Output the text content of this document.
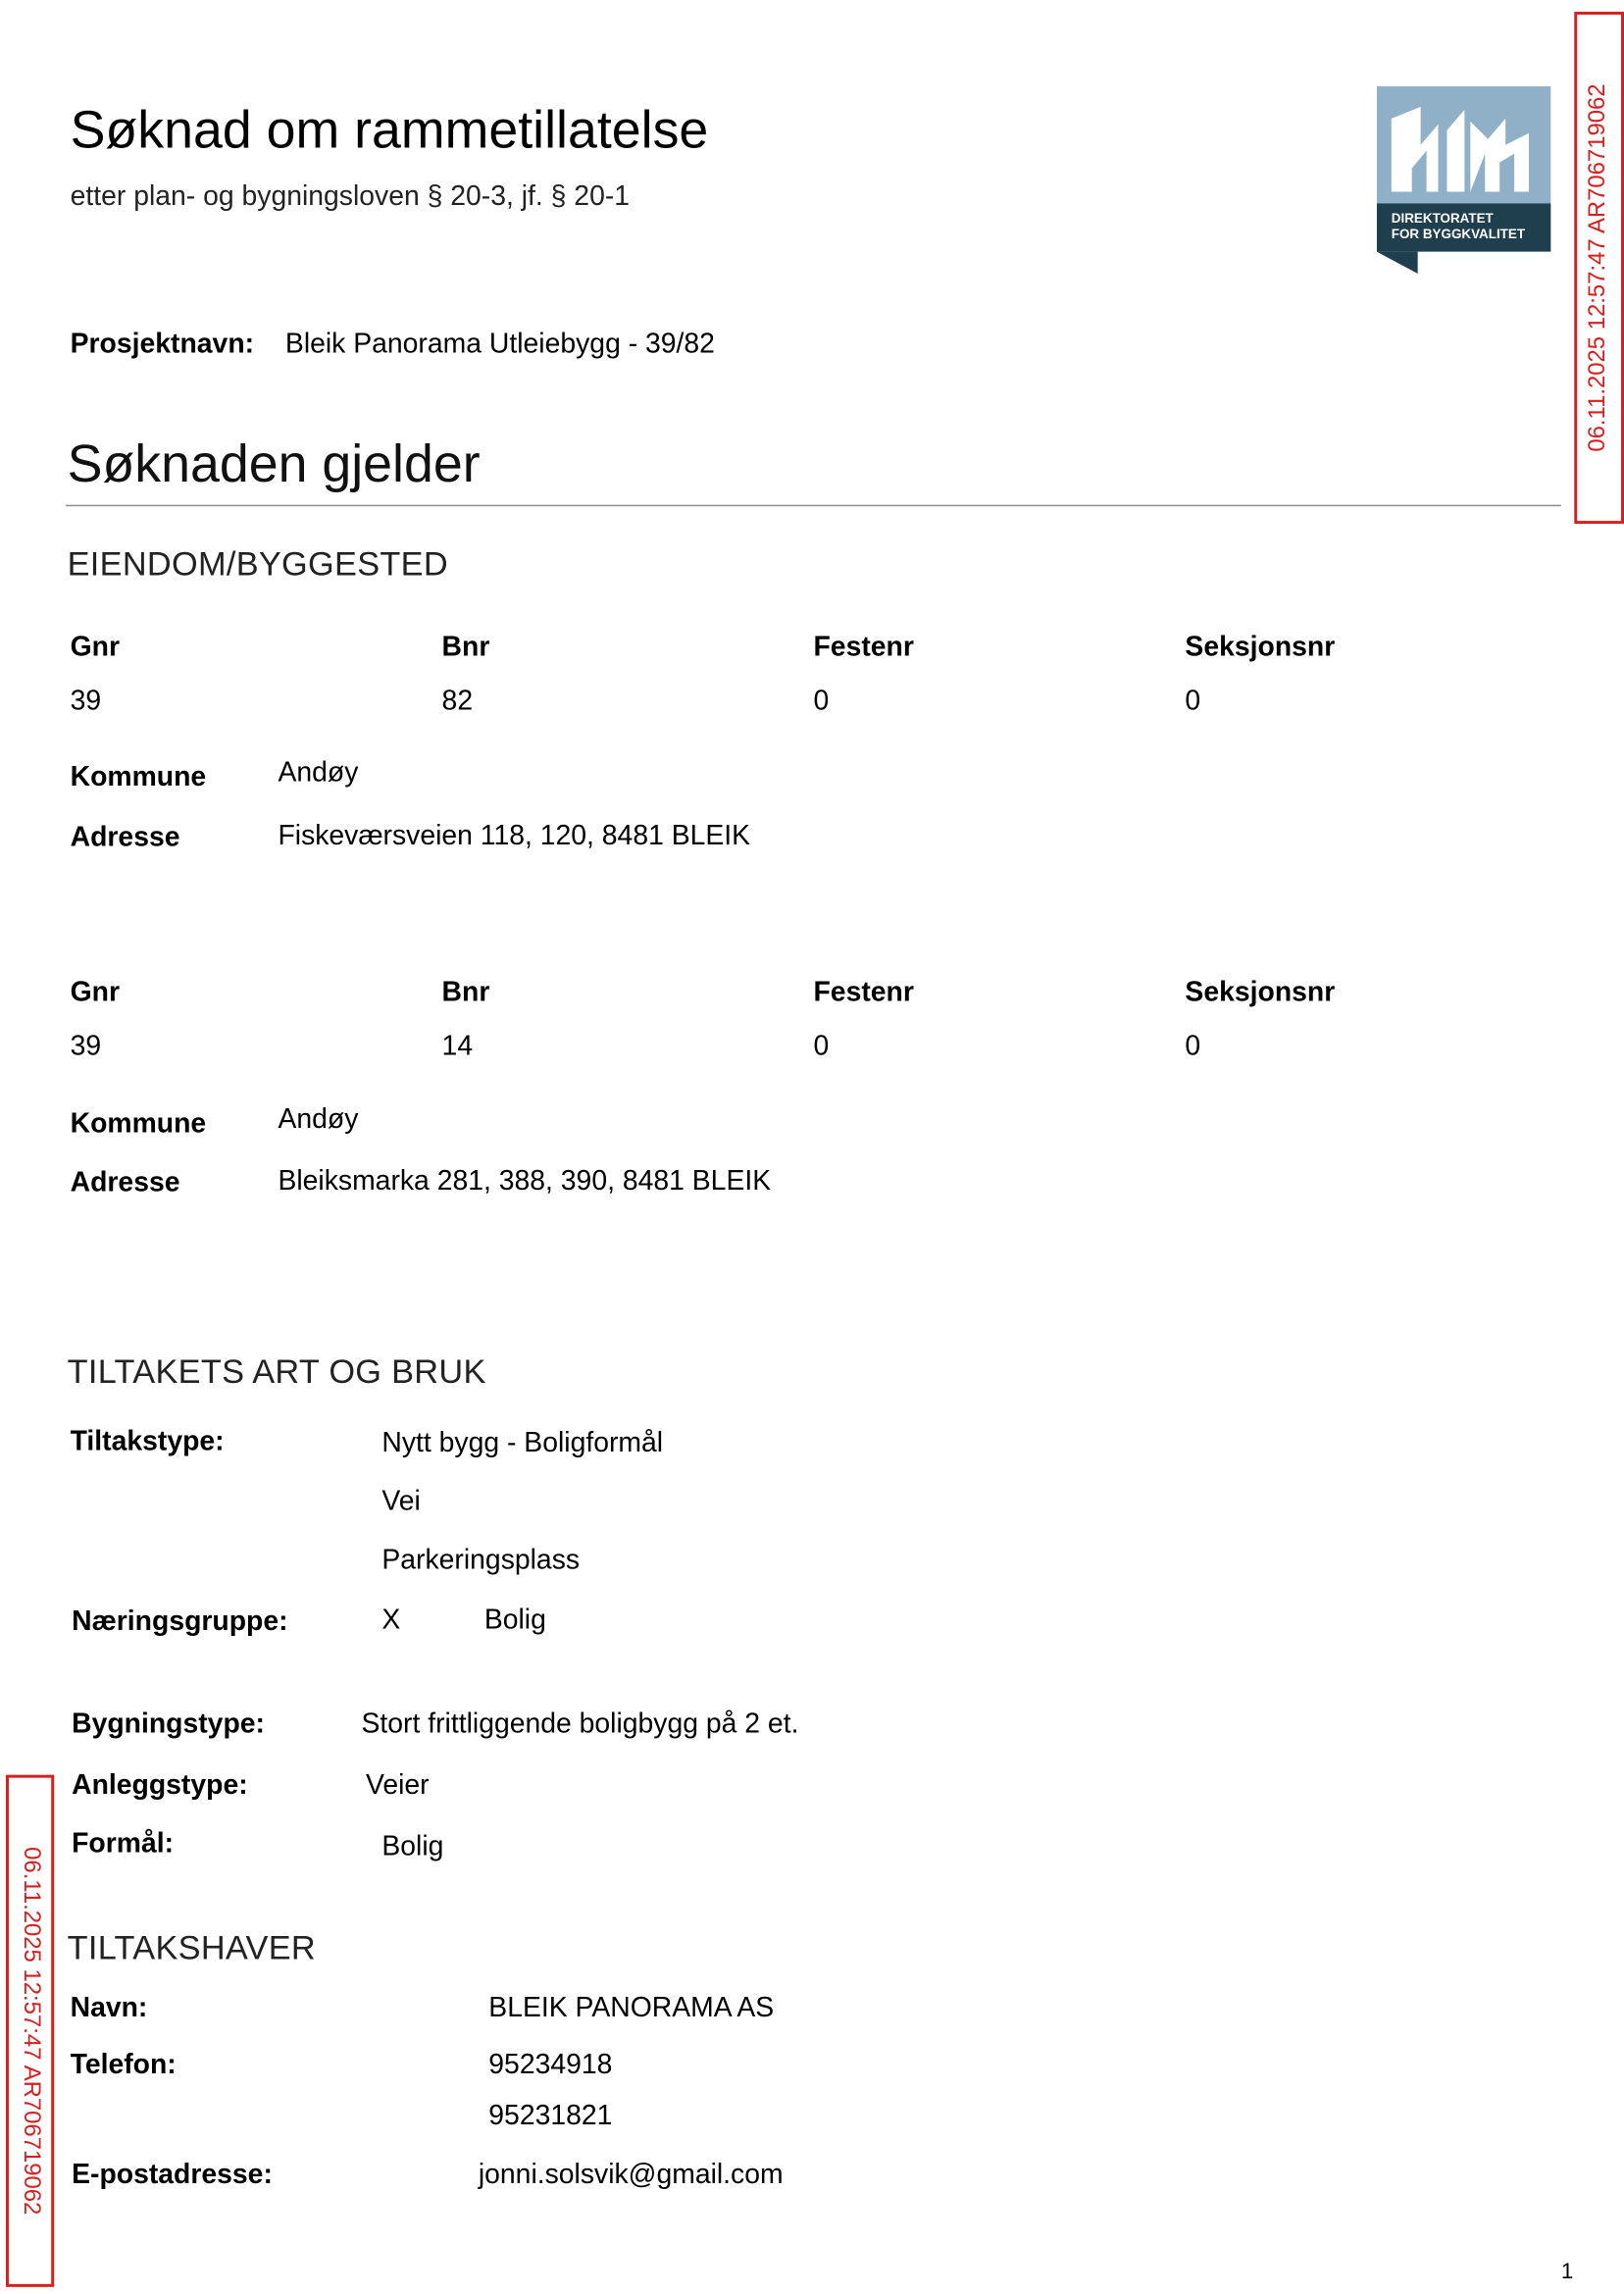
Søknad om rammetillatelse
etter plan- og bygningsloven § 20-3, jf. § 20-1
DIREKTORATET
FOR BYGGKVALITET	06.11.2025 12:57:47 AR706719062
06.11.2025 12:57:47 AR706719062
Prosjektnavn: Bleik Panorama Utleiebygg - 39/82
Søknaden gjelder
EIENDOM/BYGGESTED
Gnr	Bnr	Festenr	Seksjonsnr
39	82	0	0
Kommune	Andøy
Adresse	Fiskeværsveien 118, 120, 8481 BLEIK
Gnr	Bnr	Festenr	Seksjonsnr
39	14	0	0
Kommune	Andøy
Adresse	Bleiksmarka 281, 388, 390, 8481 BLEIK
TILTAKETS ART OG BRUK
Tiltakstype:	Nytt bygg - Boligformål
Vei
Parkeringsplass
Næringsgruppe:	X	Bolig
Bygningstype:	Stort frittliggende boligbygg på 2 et.
Anleggstype:	Veier
Formål:	Bolig
TILTAKSHAVER
Navn:	BLEIK PANORAMA AS
Telefon:	95234918
95231821
E-postadresse:	jonni.solsvik@gmail.com
1
